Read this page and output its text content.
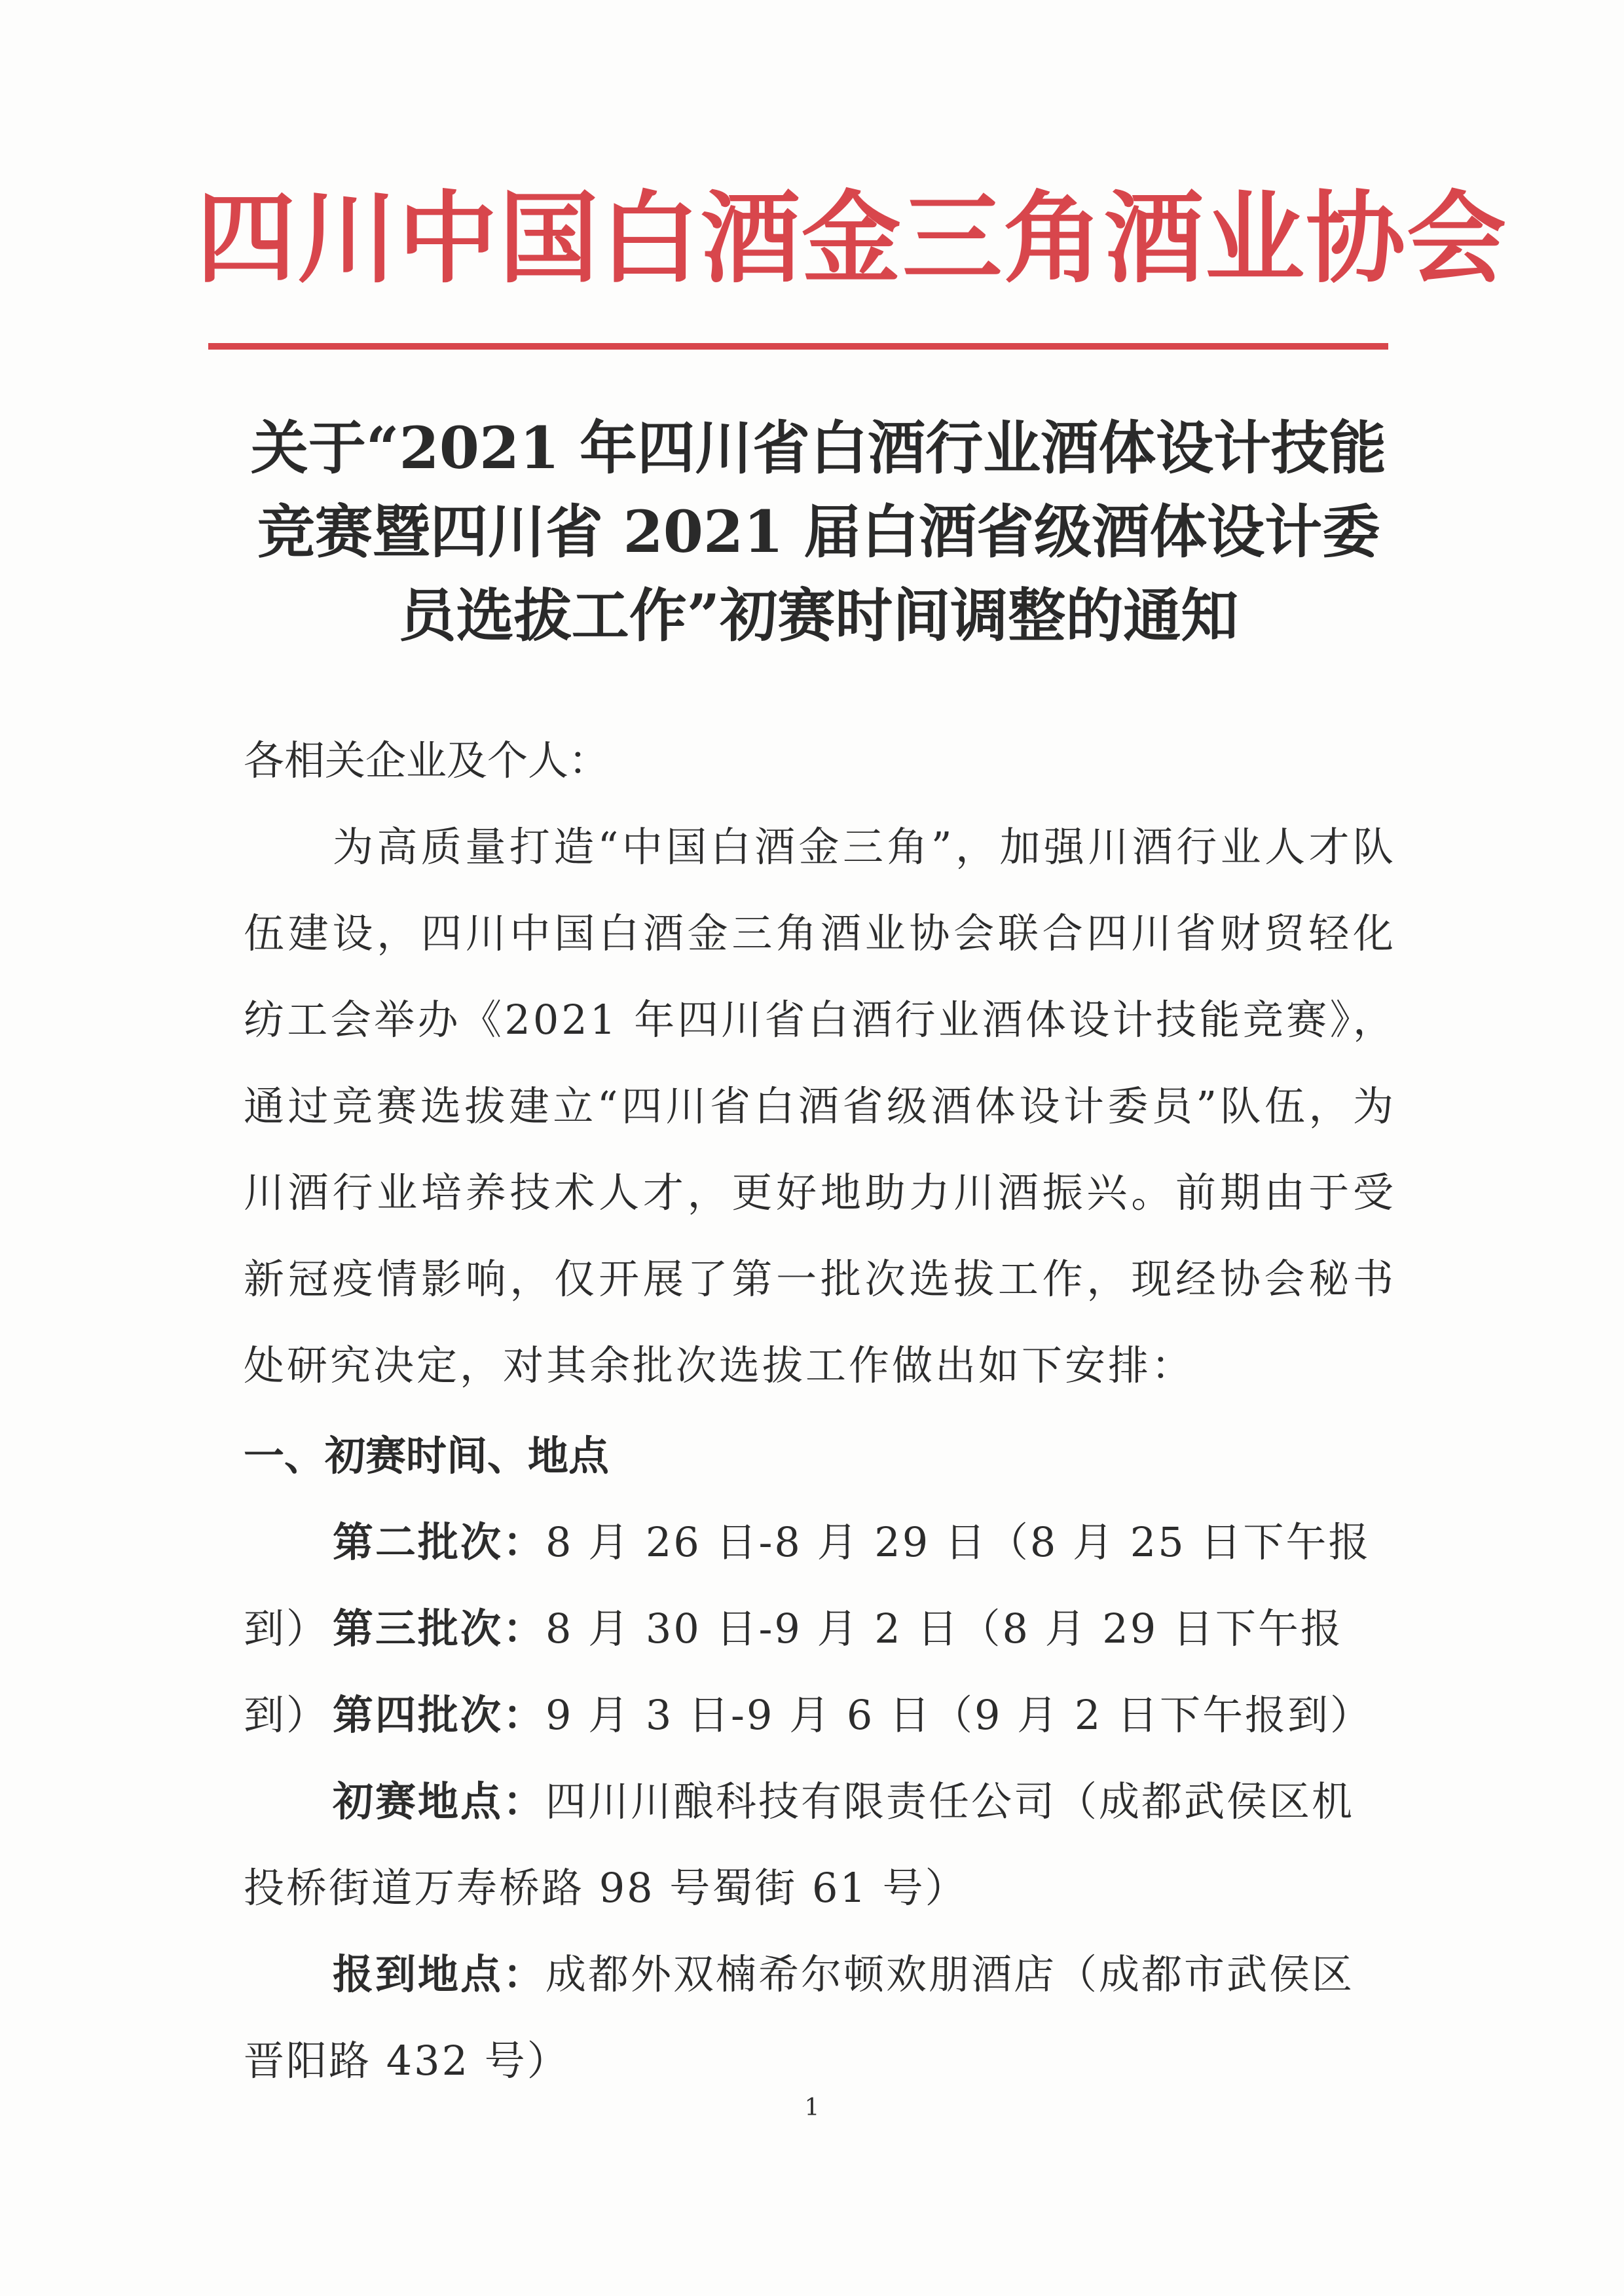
四川中国白酒金三角酒业协会
关于“2021 年四川省白酒行业酒体设计技能
竞赛暨四川省 2021 届白酒省级酒体设计委
员选拔工作”初赛时间调整的通知
各相关企业及个人：
为高质量打造“中国白酒金三角”，加强川酒行业人才队伍建设，四川中国白酒金三角酒业协会联合四川省财贸轻化纺工会举办《2021 年四川省白酒行业酒体设计技能竞赛》，通过竞赛选拔建立“四川省白酒省级酒体设计委员”队伍，为川酒行业培养技术人才，更好地助力川酒振兴。前期由于受新冠疫情影响，仅开展了第一批次选拔工作，现经协会秘书处研究决定，对其余批次选拔工作做出如下安排：
一、初赛时间、地点
第二批次：8 月 26 日-8 月 29 日（8 月 25 日下午报到） 第三批次：8 月 30 日-9 月 2 日（8 月 29 日下午报到） 第四批次：9 月 3 日-9 月 6 日（9 月 2 日下午报到）
初赛地点：四川川酿科技有限责任公司（成都武侯区机投桥街道万寿桥路 98 号蜀街 61 号）
报到地点：成都外双楠希尔顿欢朋酒店（成都市武侯区晋阳路 432 号）
1
